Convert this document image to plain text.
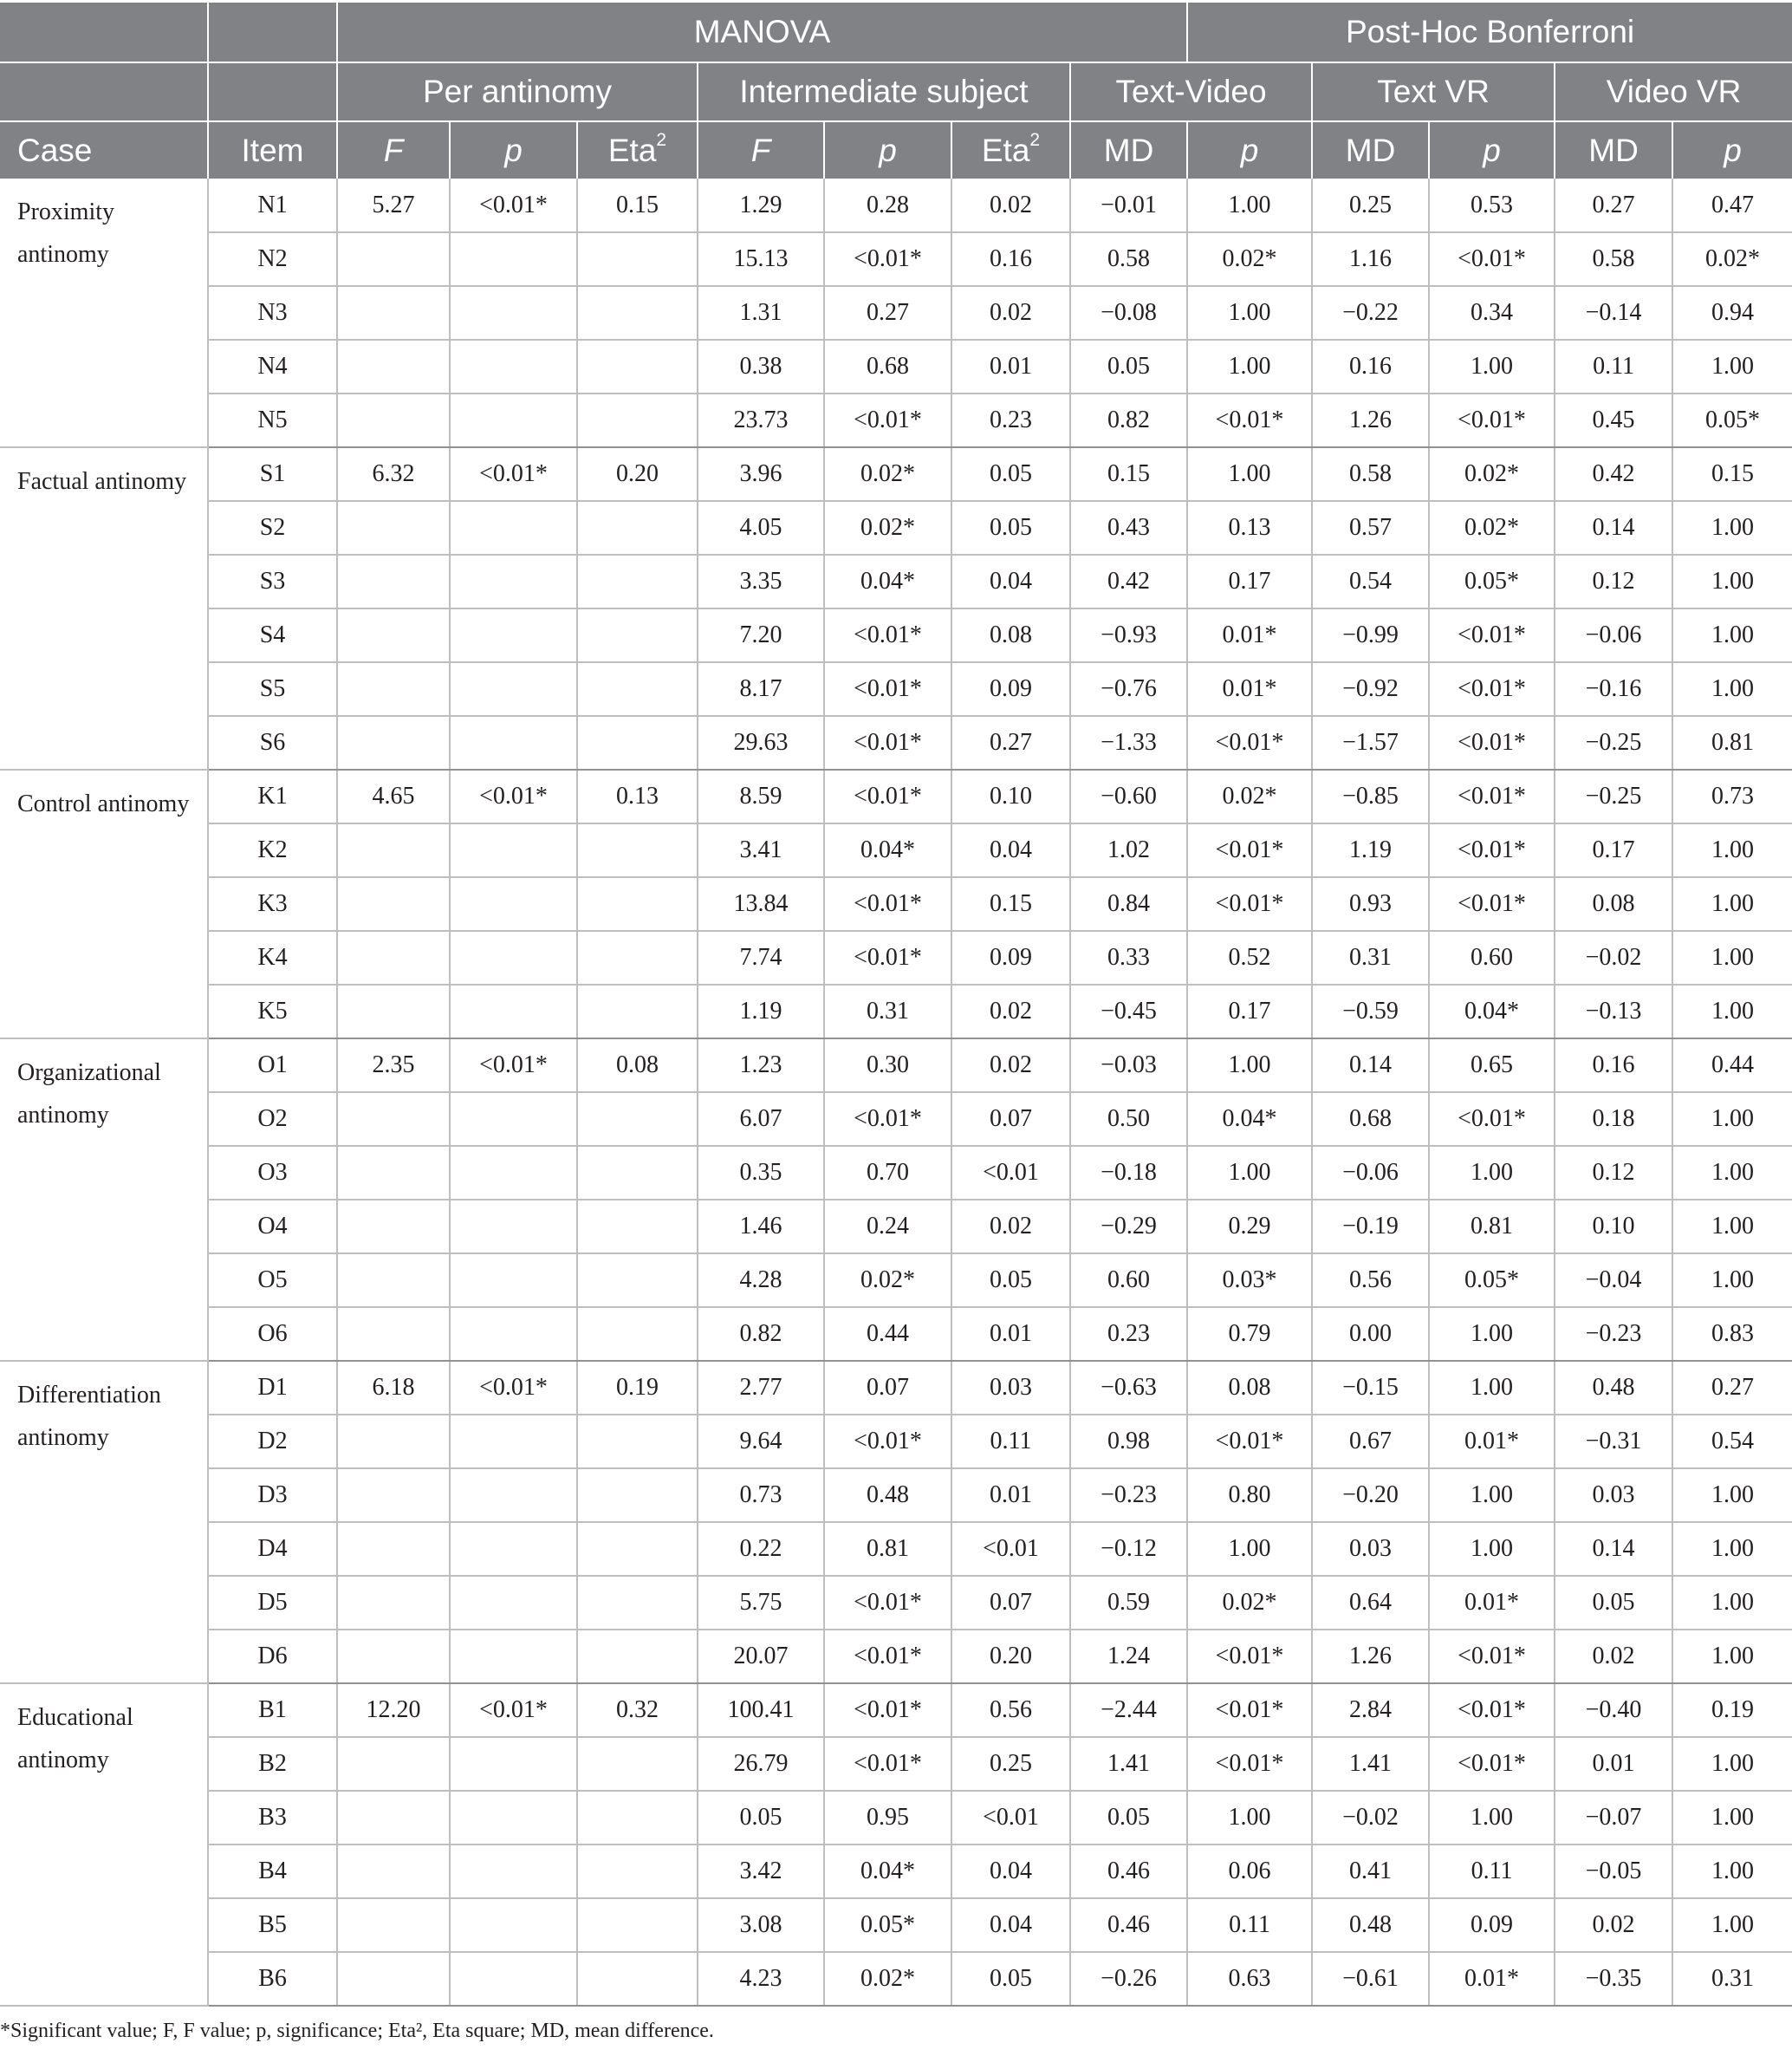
		MANOVA							Post-Hoc Bonferroni				
		Per antinomy			Intermediate subject			Text-Video		Text VR		Video VR	
Case	Item	F	p	Eta$^2$	F	p	Eta$^2$	MD	p	MD	p	MD	p
Proximity antinomy	N1	5.27	<0.01*	0.15	1.29	0.28	0.02	−0.01	1.00	0.25	0.53	0.27	0.47
	N2				15.13	<0.01*	0.16	0.58	0.02*	1.16	<0.01*	0.58	0.02*
	N3				1.31	0.27	0.02	−0.08	1.00	−0.22	0.34	−0.14	0.94
	N4				0.38	0.68	0.01	0.05	1.00	0.16	1.00	0.11	1.00
	N5				23.73	<0.01*	0.23	0.82	<0.01*	1.26	<0.01*	0.45	0.05*
Factual antinomy	S1	6.32	<0.01*	0.20	3.96	0.02*	0.05	0.15	1.00	0.58	0.02*	0.42	0.15
	S2				4.05	0.02*	0.05	0.43	0.13	0.57	0.02*	0.14	1.00
	S3				3.35	0.04*	0.04	0.42	0.17	0.54	0.05*	0.12	1.00
	S4				7.20	<0.01*	0.08	−0.93	0.01*	−0.99	<0.01*	−0.06	1.00
	S5				8.17	<0.01*	0.09	−0.76	0.01*	−0.92	<0.01*	−0.16	1.00
	S6				29.63	<0.01*	0.27	−1.33	<0.01*	−1.57	<0.01*	−0.25	0.81
Control antinomy	K1	4.65	<0.01*	0.13	8.59	<0.01*	0.10	−0.60	0.02*	−0.85	<0.01*	−0.25	0.73
	K2				3.41	0.04*	0.04	1.02	<0.01*	1.19	<0.01*	0.17	1.00
	K3				13.84	<0.01*	0.15	0.84	<0.01*	0.93	<0.01*	0.08	1.00
	K4				7.74	<0.01*	0.09	0.33	0.52	0.31	0.60	−0.02	1.00
	K5				1.19	0.31	0.02	−0.45	0.17	−0.59	0.04*	−0.13	1.00
Organizational antinomy	O1	2.35	<0.01*	0.08	1.23	0.30	0.02	−0.03	1.00	0.14	0.65	0.16	0.44
	O2				6.07	<0.01*	0.07	0.50	0.04*	0.68	<0.01*	0.18	1.00
	O3				0.35	0.70	<0.01	−0.18	1.00	−0.06	1.00	0.12	1.00
	O4				1.46	0.24	0.02	−0.29	0.29	−0.19	0.81	0.10	1.00
	O5				4.28	0.02*	0.05	0.60	0.03*	0.56	0.05*	−0.04	1.00
	O6				0.82	0.44	0.01	0.23	0.79	0.00	1.00	−0.23	0.83
Differentiation antinomy	D1	6.18	<0.01*	0.19	2.77	0.07	0.03	−0.63	0.08	−0.15	1.00	0.48	0.27
	D2				9.64	<0.01*	0.11	0.98	<0.01*	0.67	0.01*	−0.31	0.54
	D3				0.73	0.48	0.01	−0.23	0.80	−0.20	1.00	0.03	1.00
	D4				0.22	0.81	<0.01	−0.12	1.00	0.03	1.00	0.14	1.00
	D5				5.75	<0.01*	0.07	0.59	0.02*	0.64	0.01*	0.05	1.00
	D6				20.07	<0.01*	0.20	1.24	<0.01*	1.26	<0.01*	0.02	1.00
Educational antinomy	B1	12.20	<0.01*	0.32	100.41	<0.01*	0.56	−2.44	<0.01*	2.84	<0.01*	−0.40	0.19
	B2				26.79	<0.01*	0.25	1.41	<0.01*	1.41	<0.01*	0.01	1.00
	B3				0.05	0.95	<0.01	0.05	1.00	−0.02	1.00	−0.07	1.00
	B4				3.42	0.04*	0.04	0.46	0.06	0.41	0.11	−0.05	1.00
	B5				3.08	0.05*	0.04	0.46	0.11	0.48	0.09	0.02	1.00
	B6				4.23	0.02*	0.05	−0.26	0.63	−0.61	0.01*	−0.35	0.31
*Significant value; F, F value; p, significance; Eta², Eta square; MD, mean difference.
